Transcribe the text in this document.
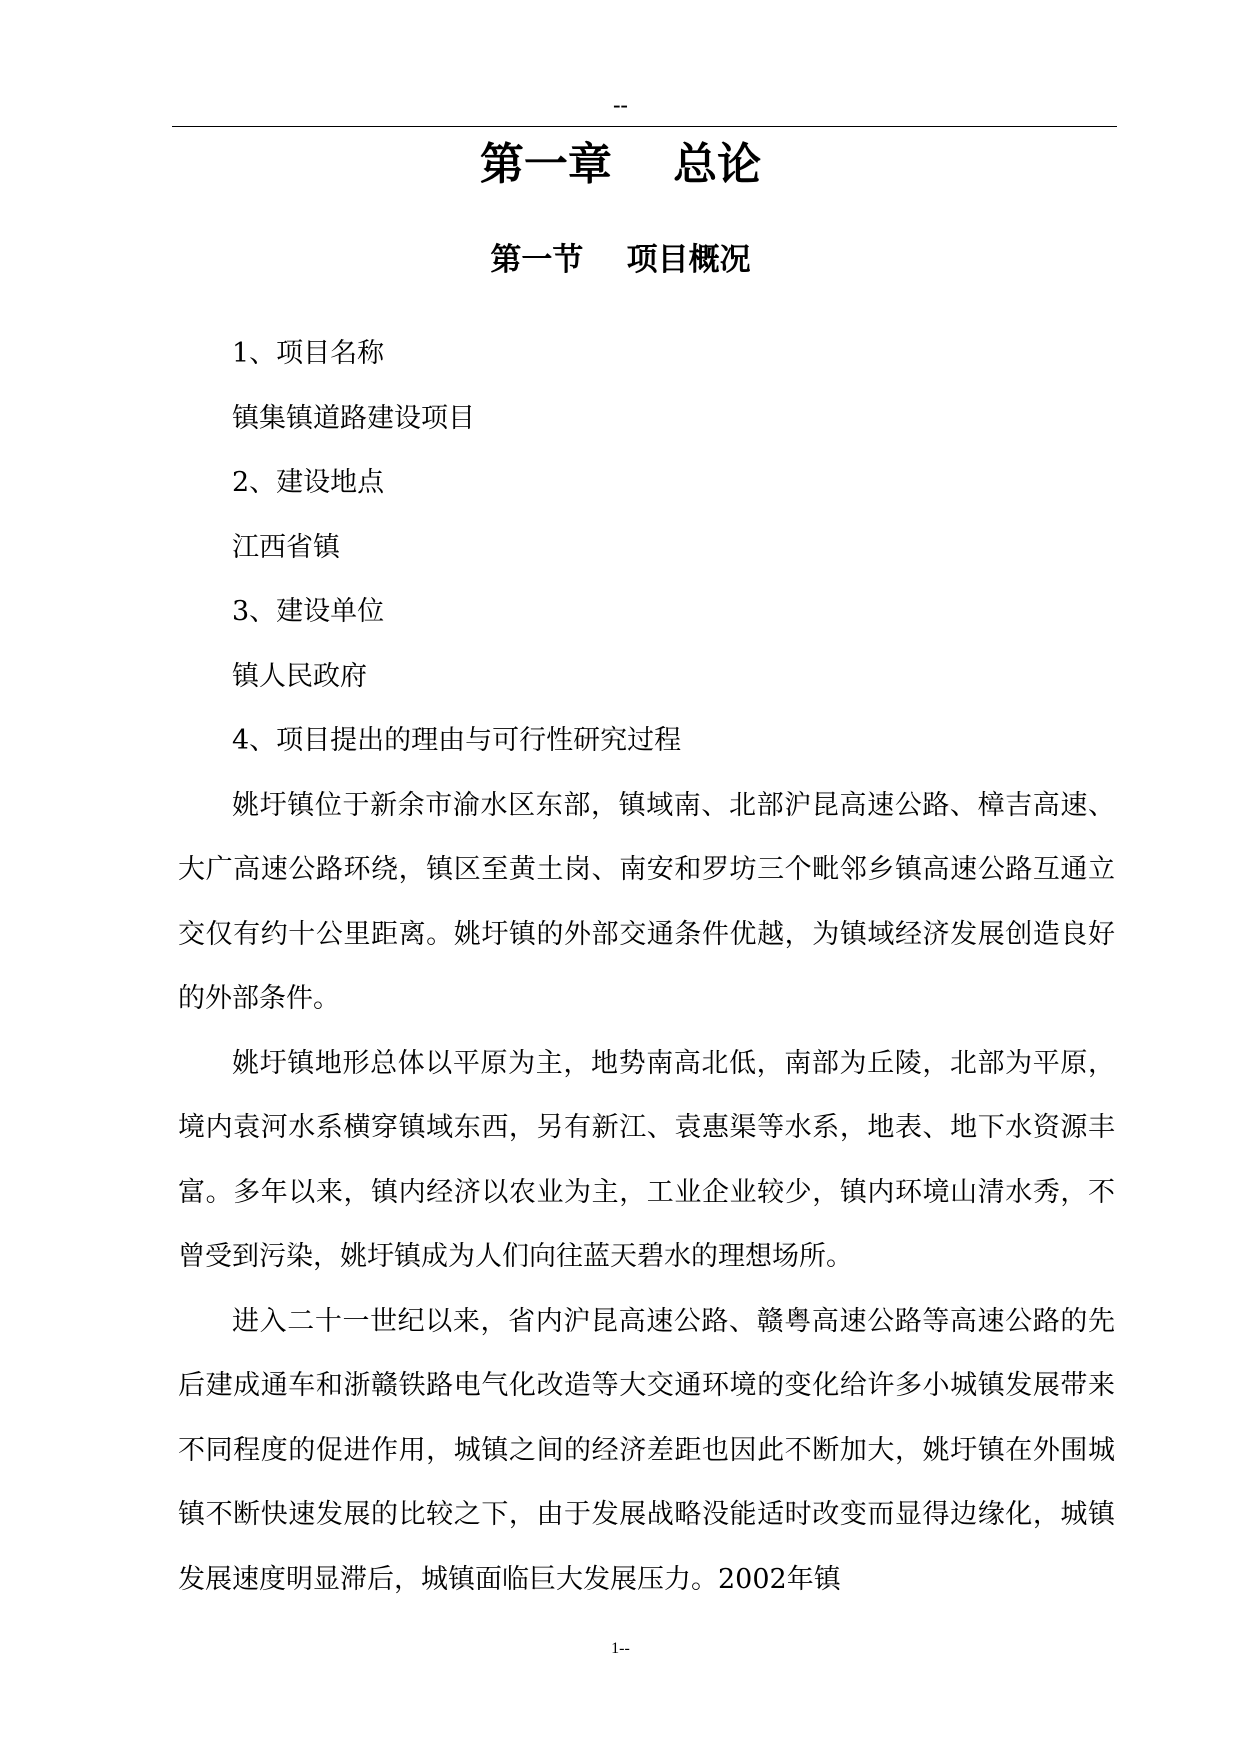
--
第一章    总论
第一节    项目概况

1、项目名称

镇集镇道路建设项目

2、建设地点

江西省镇

3、建设单位

镇人民政府

4、项目提出的理由与可行性研究过程

姚圩镇位于新余市渝水区东部，镇域南、北部沪昆高速公路、樟吉高速、大广高速公路环绕，镇区至黄土岗、南安和罗坊三个毗邻乡镇高速公路互通立交仅有约十公里距离。姚圩镇的外部交通条件优越，为镇域经济发展创造良好的外部条件。

姚圩镇地形总体以平原为主，地势南高北低，南部为丘陵，北部为平原，境内袁河水系横穿镇域东西，另有新江、袁惠渠等水系，地表、地下水资源丰富。多年以来，镇内经济以农业为主，工业企业较少，镇内环境山清水秀，不曾受到污染，姚圩镇成为人们向往蓝天碧水的理想场所。

进入二十一世纪以来，省内沪昆高速公路、赣粤高速公路等高速公路的先后建成通车和浙赣铁路电气化改造等大交通环境的变化给许多小城镇发展带来不同程度的促进作用，城镇之间的经济差距也因此不断加大，姚圩镇在外围城镇不断快速发展的比较之下，由于发展战略没能适时改变而显得边缘化，城镇发展速度明显滞后，城镇面临巨大发展压力。2002年镇

1--
